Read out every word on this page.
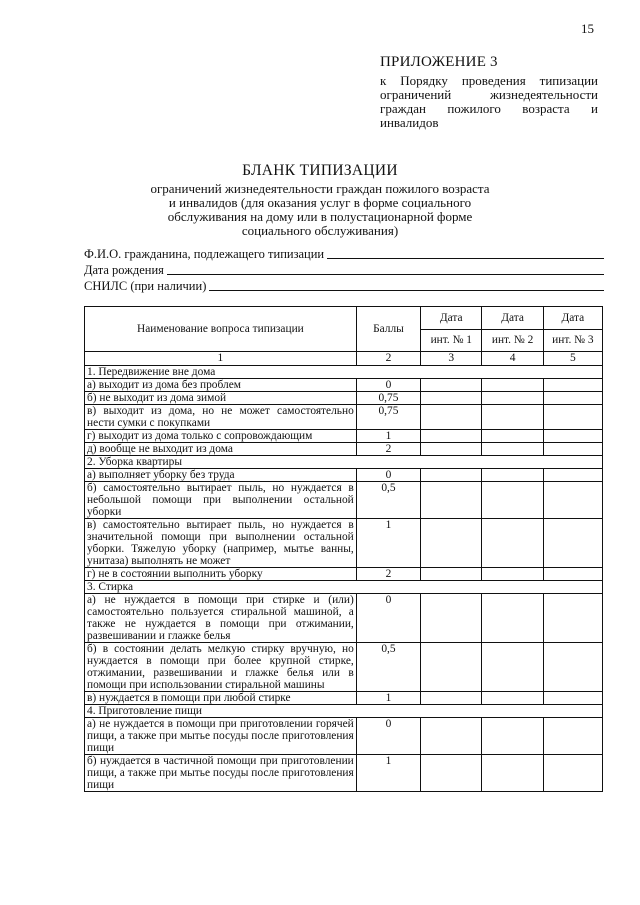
15
ПРИЛОЖЕНИЕ 3
к Порядку проведения типизации ограничений жизнедеятельности граждан пожилого возраста и инвалидов
БЛАНК ТИПИЗАЦИИ
ограничений жизнедеятельности граждан пожилого возраста
и инвалидов (для оказания услуг в форме социального
обслуживания на дому или в полустационарной форме
социального обслуживания)
Ф.И.О. гражданина, подлежащего типизации
Дата рождения
СНИЛС (при наличии)
Наименование вопроса типизации	Баллы	Дата	Дата	Дата
		инт. № 1	инт. № 2	инт. № 3
1	2	3	4	5
1. Передвижение вне дома				
а) выходит из дома без проблем	0			
б) не выходит из дома зимой	0,75			
в) выходит из дома, но не может самостоятельно нести сумки с покупками	0,75			
г) выходит из дома только с сопровождающим	1			
д) вообще не выходит из дома	2			
2. Уборка квартиры				
а) выполняет уборку без труда	0			
б) самостоятельно вытирает пыль, но нуждается в небольшой помощи при выполнении остальной уборки	0,5			
в) самостоятельно вытирает пыль, но нуждается в значительной помощи при выполнении остальной уборки. Тяжелую уборку (например, мытье ванны, унитаза) выполнять не может	1			
г) не в состоянии выполнить уборку	2			
3. Стирка				
а) не нуждается в помощи при стирке и (или) самостоятельно пользуется стиральной машиной, а также не нуждается в помощи при отжимании, развешивании и глажке белья	0			
б) в состоянии делать мелкую стирку вручную, но нуждается в помощи при более крупной стирке, отжимании, развешивании и глажке белья или в помощи при использовании стиральной машины	0,5			
в) нуждается в помощи при любой стирке	1			
4. Приготовление пищи				
а) не нуждается в помощи при приготовлении горячей пищи, а также при мытье посуды после приготовления пищи	0			
б) нуждается в частичной помощи при приготовлении пищи, а также при мытье посуды после приготовления пищи	1			
